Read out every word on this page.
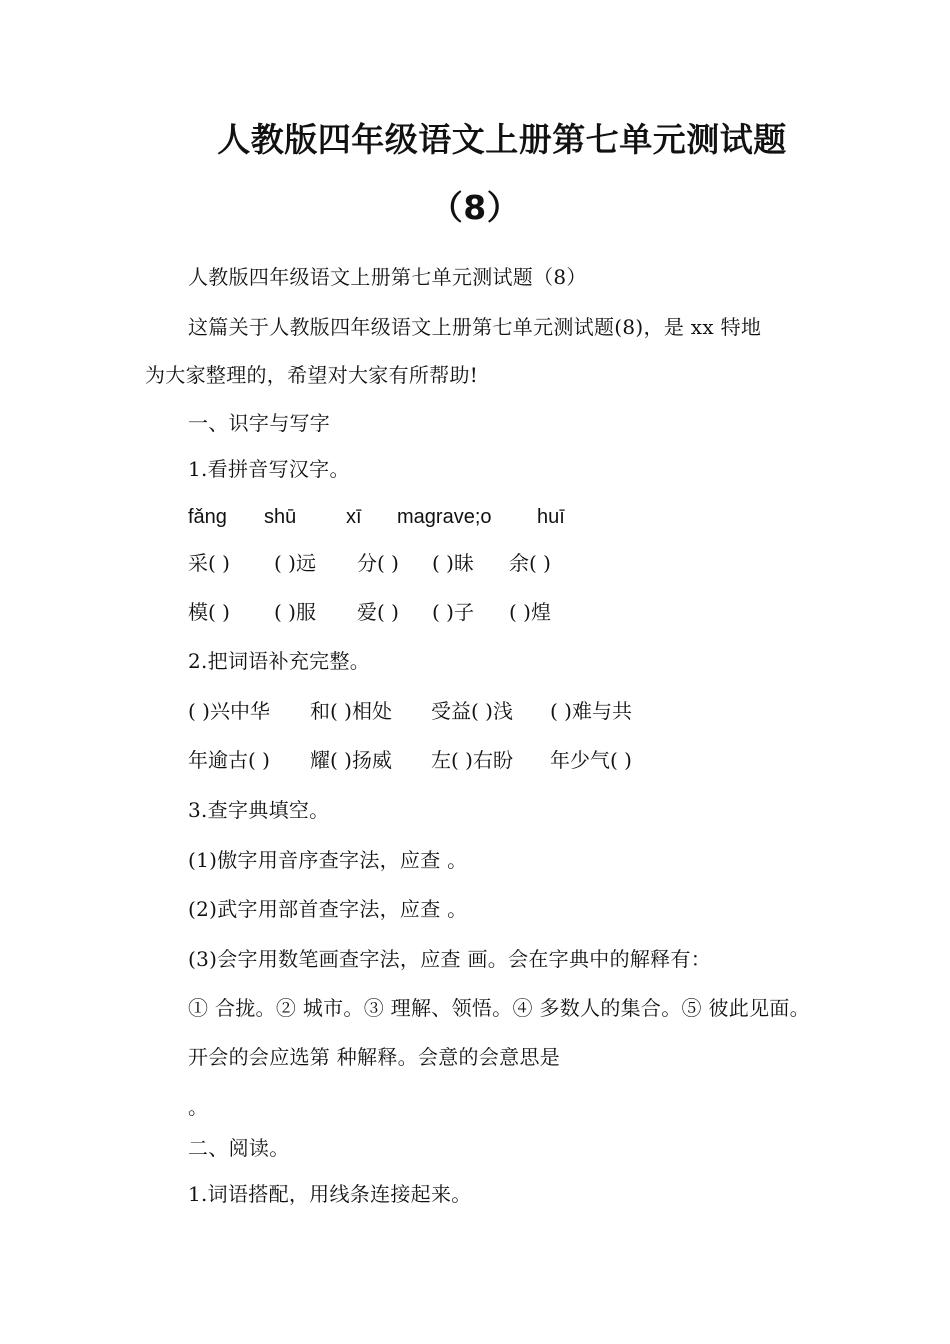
人教版四年级语文上册第七单元测试题
（8）
人教版四年级语文上册第七单元测试题（8）
这篇关于人教版四年级语文上册第七单元测试题(8)，是 xx 特地
为大家整理的，希望对大家有所帮助!
一、识字与写字
1.看拼音写汉字。
fǎng shū xī magrave;o huī
采( ) ( )远 分( ) ( )昧 余( )
模( ) ( )服 爱( ) ( )子 ( )煌
2.把词语补充完整。
( )兴中华 和( )相处 受益( )浅 ( )难与共
年逾古( ) 耀( )扬威 左( )右盼 年少气( )
3.查字典填空。
(1)傲字用音序查字法，应查 。
(2)武字用部首查字法，应查 。
(3)会字用数笔画查字法，应查 画。会在字典中的解释有：
① 合拢。② 城市。③ 理解、领悟。④ 多数人的集合。⑤ 彼此见面。
开会的会应选第 种解释。会意的会意思是
。
二、阅读。
1.词语搭配，用线条连接起来。
